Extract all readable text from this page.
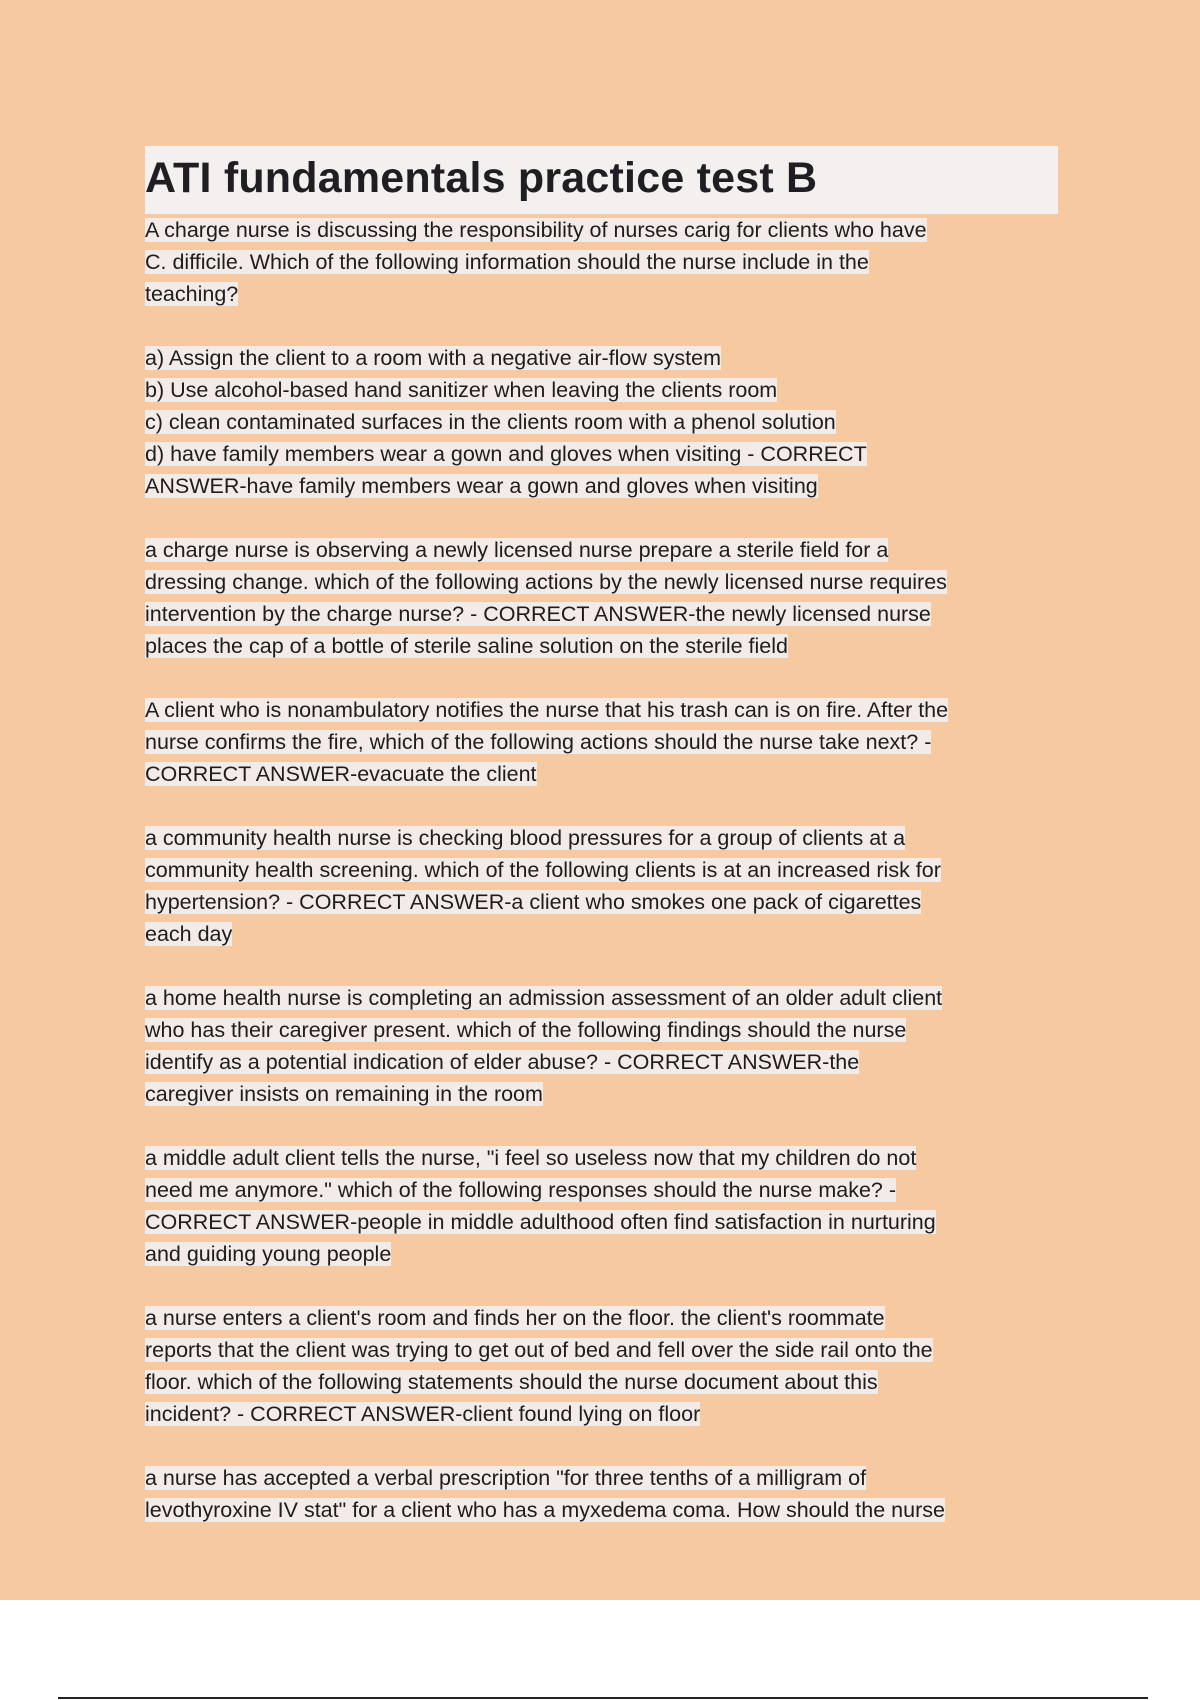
ATI fundamentals practice test B
A charge nurse is discussing the responsibility of nurses carig for clients who have
C. difficile. Which of the following information should the nurse include in the
teaching?
a) Assign the client to a room with a negative air-flow system
b) Use alcohol-based hand sanitizer when leaving the clients room
c) clean contaminated surfaces in the clients room with a phenol solution
d) have family members wear a gown and gloves when visiting - CORRECT
ANSWER-have family members wear a gown and gloves when visiting
a charge nurse is observing a newly licensed nurse prepare a sterile field for a
dressing change. which of the following actions by the newly licensed nurse requires
intervention by the charge nurse? - CORRECT ANSWER-the newly licensed nurse
places the cap of a bottle of sterile saline solution on the sterile field
A client who is nonambulatory notifies the nurse that his trash can is on fire. After the
nurse confirms the fire, which of the following actions should the nurse take next? -
CORRECT ANSWER-evacuate the client
a community health nurse is checking blood pressures for a group of clients at a
community health screening. which of the following clients is at an increased risk for
hypertension? - CORRECT ANSWER-a client who smokes one pack of cigarettes
each day
a home health nurse is completing an admission assessment of an older adult client
who has their caregiver present. which of the following findings should the nurse
identify as a potential indication of elder abuse? - CORRECT ANSWER-the
caregiver insists on remaining in the room
a middle adult client tells the nurse, "i feel so useless now that my children do not
need me anymore." which of the following responses should the nurse make? -
CORRECT ANSWER-people in middle adulthood often find satisfaction in nurturing
and guiding young people
a nurse enters a client's room and finds her on the floor. the client's roommate
reports that the client was trying to get out of bed and fell over the side rail onto the
floor. which of the following statements should the nurse document about this
incident? - CORRECT ANSWER-client found lying on floor
a nurse has accepted a verbal prescription "for three tenths of a milligram of
levothyroxine IV stat" for a client who has a myxedema coma. How should the nurse
